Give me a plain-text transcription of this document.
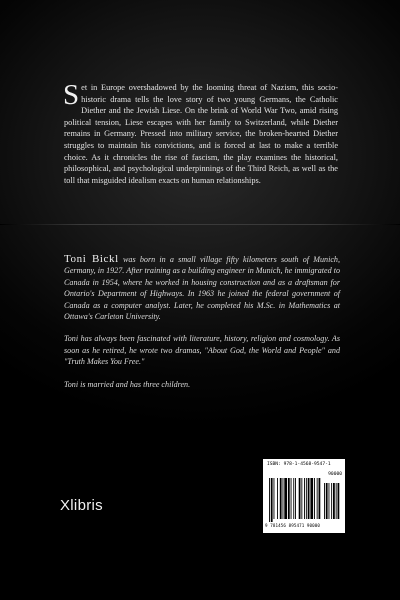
Set in Europe overshadowed by the looming threat of Nazism, this socio-historic drama tells the love story of two young Germans, the Catholic Diether and the Jewish Liese. On the brink of World War Two, amid rising political tension, Liese escapes with her family to Switzerland, while Diether remains in Germany. Pressed into military service, the broken-hearted Diether struggles to maintain his convictions, and is forced at last to make a terrible choice. As it chronicles the rise of fascism, the play examines the historical, philosophical, and psychological underpinnings of the Third Reich, as well as the toll that misguided idealism exacts on human relationships.

Toni Bickl was born in a small village fifty kilometers south of Munich, Germany, in 1927. After training as a building engineer in Munich, he immigrated to Canada in 1954, where he worked in housing construction and as a draftsman for Ontario's Department of Highways. In 1963 he joined the federal government of Canada as a computer analyst. Later, he completed his M.Sc. in Mathematics at Ottawa's Carleton University.

Toni has always been fascinated with literature, history, religion and cosmology. As soon as he retired, he wrote two dramas, "About God, the World and People" and "Truth Makes You Free."

Toni is married and has three children.

ISBN: 978-1-4568-9547-1
90000
9 781456 895471 90000
Xlibris
